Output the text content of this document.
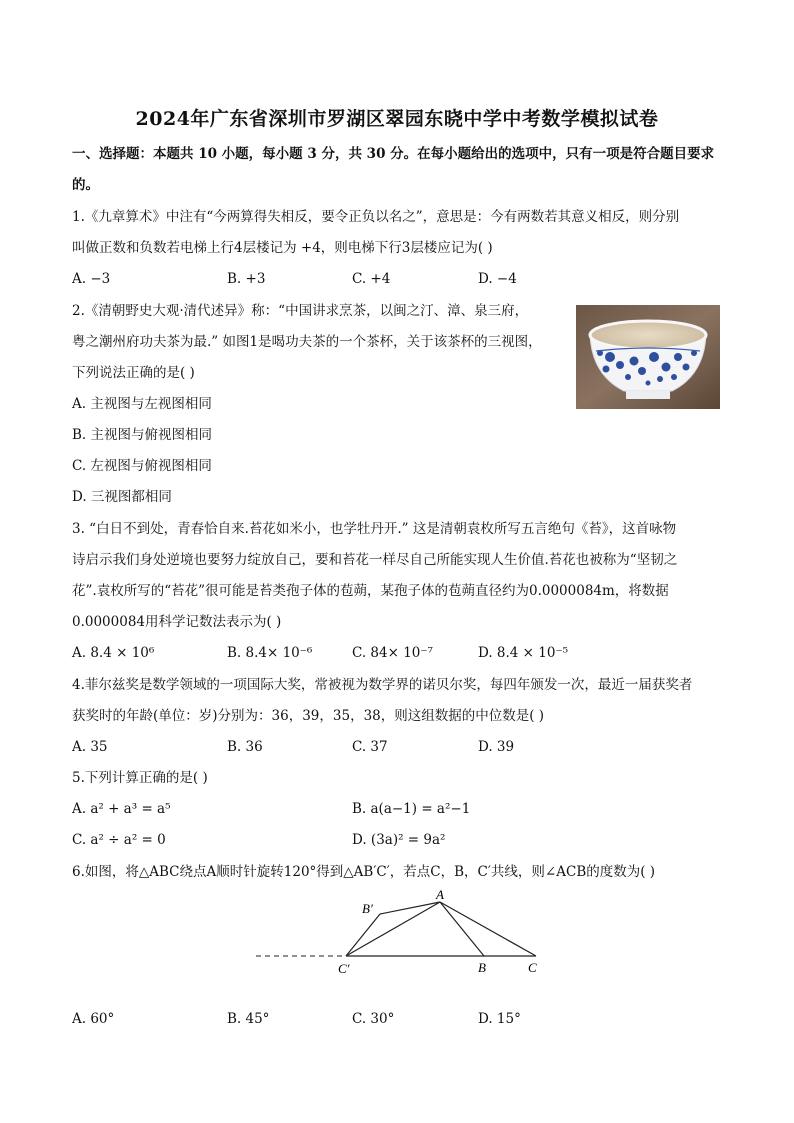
2024年广东省深圳市罗湖区翠园东晓中学中考数学模拟试卷
一、选择题：本题共 10 小题，每小题 3 分，共 30 分。在每小题给出的选项中，只有一项是符合题目要求
的。
1.《九章算术》中注有“今两算得失相反，要令正负以名之”，意思是：今有两数若其意义相反，则分别
叫做正数和负数若电梯上行4层楼记为 +4，则电梯下行3层楼应记为( )
A. −3	B. +3	C. +4	D. −4
2.《清朝野史大观·清代述异》称：“中国讲求烹茶，以闽之汀、漳、泉三府，
粤之潮州府功夫茶为最.” 如图1是喝功夫茶的一个茶杯，关于该茶杯的三视图，
下列说法正确的是( )
A. 主视图与左视图相同
B. 主视图与俯视图相同
C. 左视图与俯视图相同
D. 三视图都相同
3. “白日不到处，青春恰自来.苔花如米小，也学牡丹开.” 这是清朝袁枚所写五言绝句《苔》，这首咏物
诗启示我们身处逆境也要努力绽放自己，要和苔花一样尽自己所能实现人生价值.苔花也被称为“坚韧之
花”.袁枚所写的“苔花”很可能是苔类孢子体的苞蒴，某孢子体的苞蒴直径约为0.0000084m，将数据
0.0000084用科学记数法表示为( )
A. 8.4 × 10⁶	B. 8.4× 10⁻⁶	C. 84× 10⁻⁷	D. 8.4 × 10⁻⁵
4.菲尔兹奖是数学领域的一项国际大奖，常被视为数学界的诺贝尔奖，每四年颁发一次，最近一届获奖者
获奖时的年龄(单位：岁)分别为：36，39，35，38，则这组数据的中位数是( )
A. 35	B. 36	C. 37	D. 39
5.下列计算正确的是( )
A. a² + a³ = a⁵	B. a(a−1) = a²−1
C. a² ÷ a² = 0	D. (3a)² = 9a²
6.如图，将△ABC绕点A顺时针旋转120°得到△AB′C′，若点C，B，C′共线，则∠ACB的度数为( )
A
B′
C′	B	C
A. 60°	B. 45°	C. 30°	D. 15°
